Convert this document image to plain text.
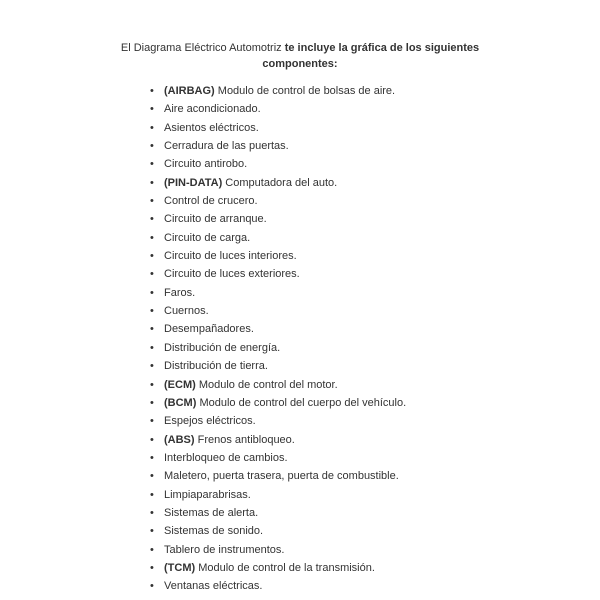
El Diagrama Eléctrico Automotriz te incluye la gráfica de los siguientes componentes:

• (AIRBAG) Modulo de control de bolsas de aire.
• Aire acondicionado.
• Asientos eléctricos.
• Cerradura de las puertas.
• Circuito antirobo.
• (PIN-DATA) Computadora del auto.
• Control de crucero.
• Circuito de arranque.
• Circuito de carga.
• Circuito de luces interiores.
• Circuito de luces exteriores.
• Faros.
• Cuernos.
• Desempañadores.
• Distribución de energía.
• Distribución de tierra.
• (ECM) Modulo de control del motor.
• (BCM) Modulo de control del cuerpo del vehículo.
• Espejos eléctricos.
• (ABS) Frenos antibloqueo.
• Interbloqueo de cambios.
• Maletero, puerta trasera, puerta de combustible.
• Limpiaparabrisas.
• Sistemas de alerta.
• Sistemas de sonido.
• Tablero de instrumentos.
• (TCM) Modulo de control de la transmisión.
• Ventanas eléctricas.
